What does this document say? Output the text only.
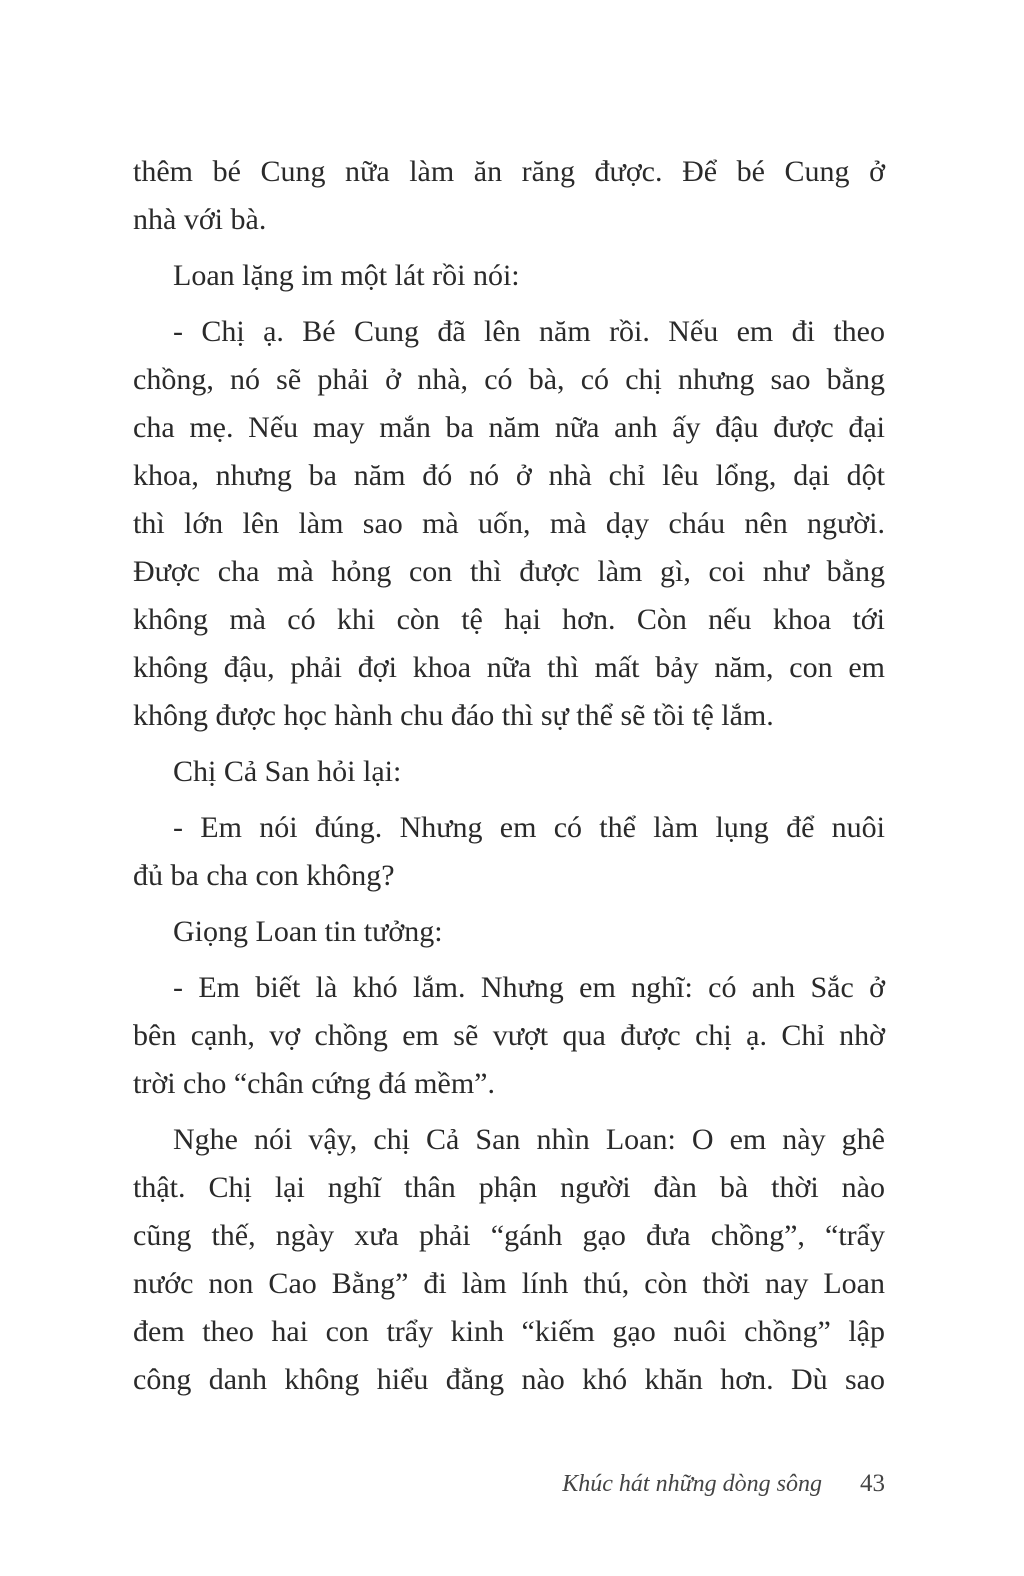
thêm bé Cung nữa làm ăn răng được. Để bé Cung ở
nhà với bà.
Loan lặng im một lát rồi nói:
- Chị ạ. Bé Cung đã lên năm rồi. Nếu em đi theo
chồng, nó sẽ phải ở nhà, có bà, có chị nhưng sao bằng
cha mẹ. Nếu may mắn ba năm nữa anh ấy đậu được đại
khoa, nhưng ba năm đó nó ở nhà chỉ lêu lổng, dại dột
thì lớn lên làm sao mà uốn, mà dạy cháu nên người.
Được cha mà hỏng con thì được làm gì, coi như bằng
không mà có khi còn tệ hại hơn. Còn nếu khoa tới
không đậu, phải đợi khoa nữa thì mất bảy năm, con em
không được học hành chu đáo thì sự thể sẽ tồi tệ lắm.
Chị Cả San hỏi lại:
- Em nói đúng. Nhưng em có thể làm lụng để nuôi
đủ ba cha con không?
Giọng Loan tin tưởng:
- Em biết là khó lắm. Nhưng em nghĩ: có anh Sắc ở
bên cạnh, vợ chồng em sẽ vượt qua được chị ạ. Chỉ nhờ
trời cho “chân cứng đá mềm”.
Nghe nói vậy, chị Cả San nhìn Loan: O em này ghê
thật. Chị lại nghĩ thân phận người đàn bà thời nào
cũng thế, ngày xưa phải “gánh gạo đưa chồng”, “trẩy
nước non Cao Bằng” đi làm lính thú, còn thời nay Loan
đem theo hai con trẩy kinh “kiếm gạo nuôi chồng” lập
công danh không hiểu đằng nào khó khăn hơn. Dù sao
Khúc hát những dòng sông 43
